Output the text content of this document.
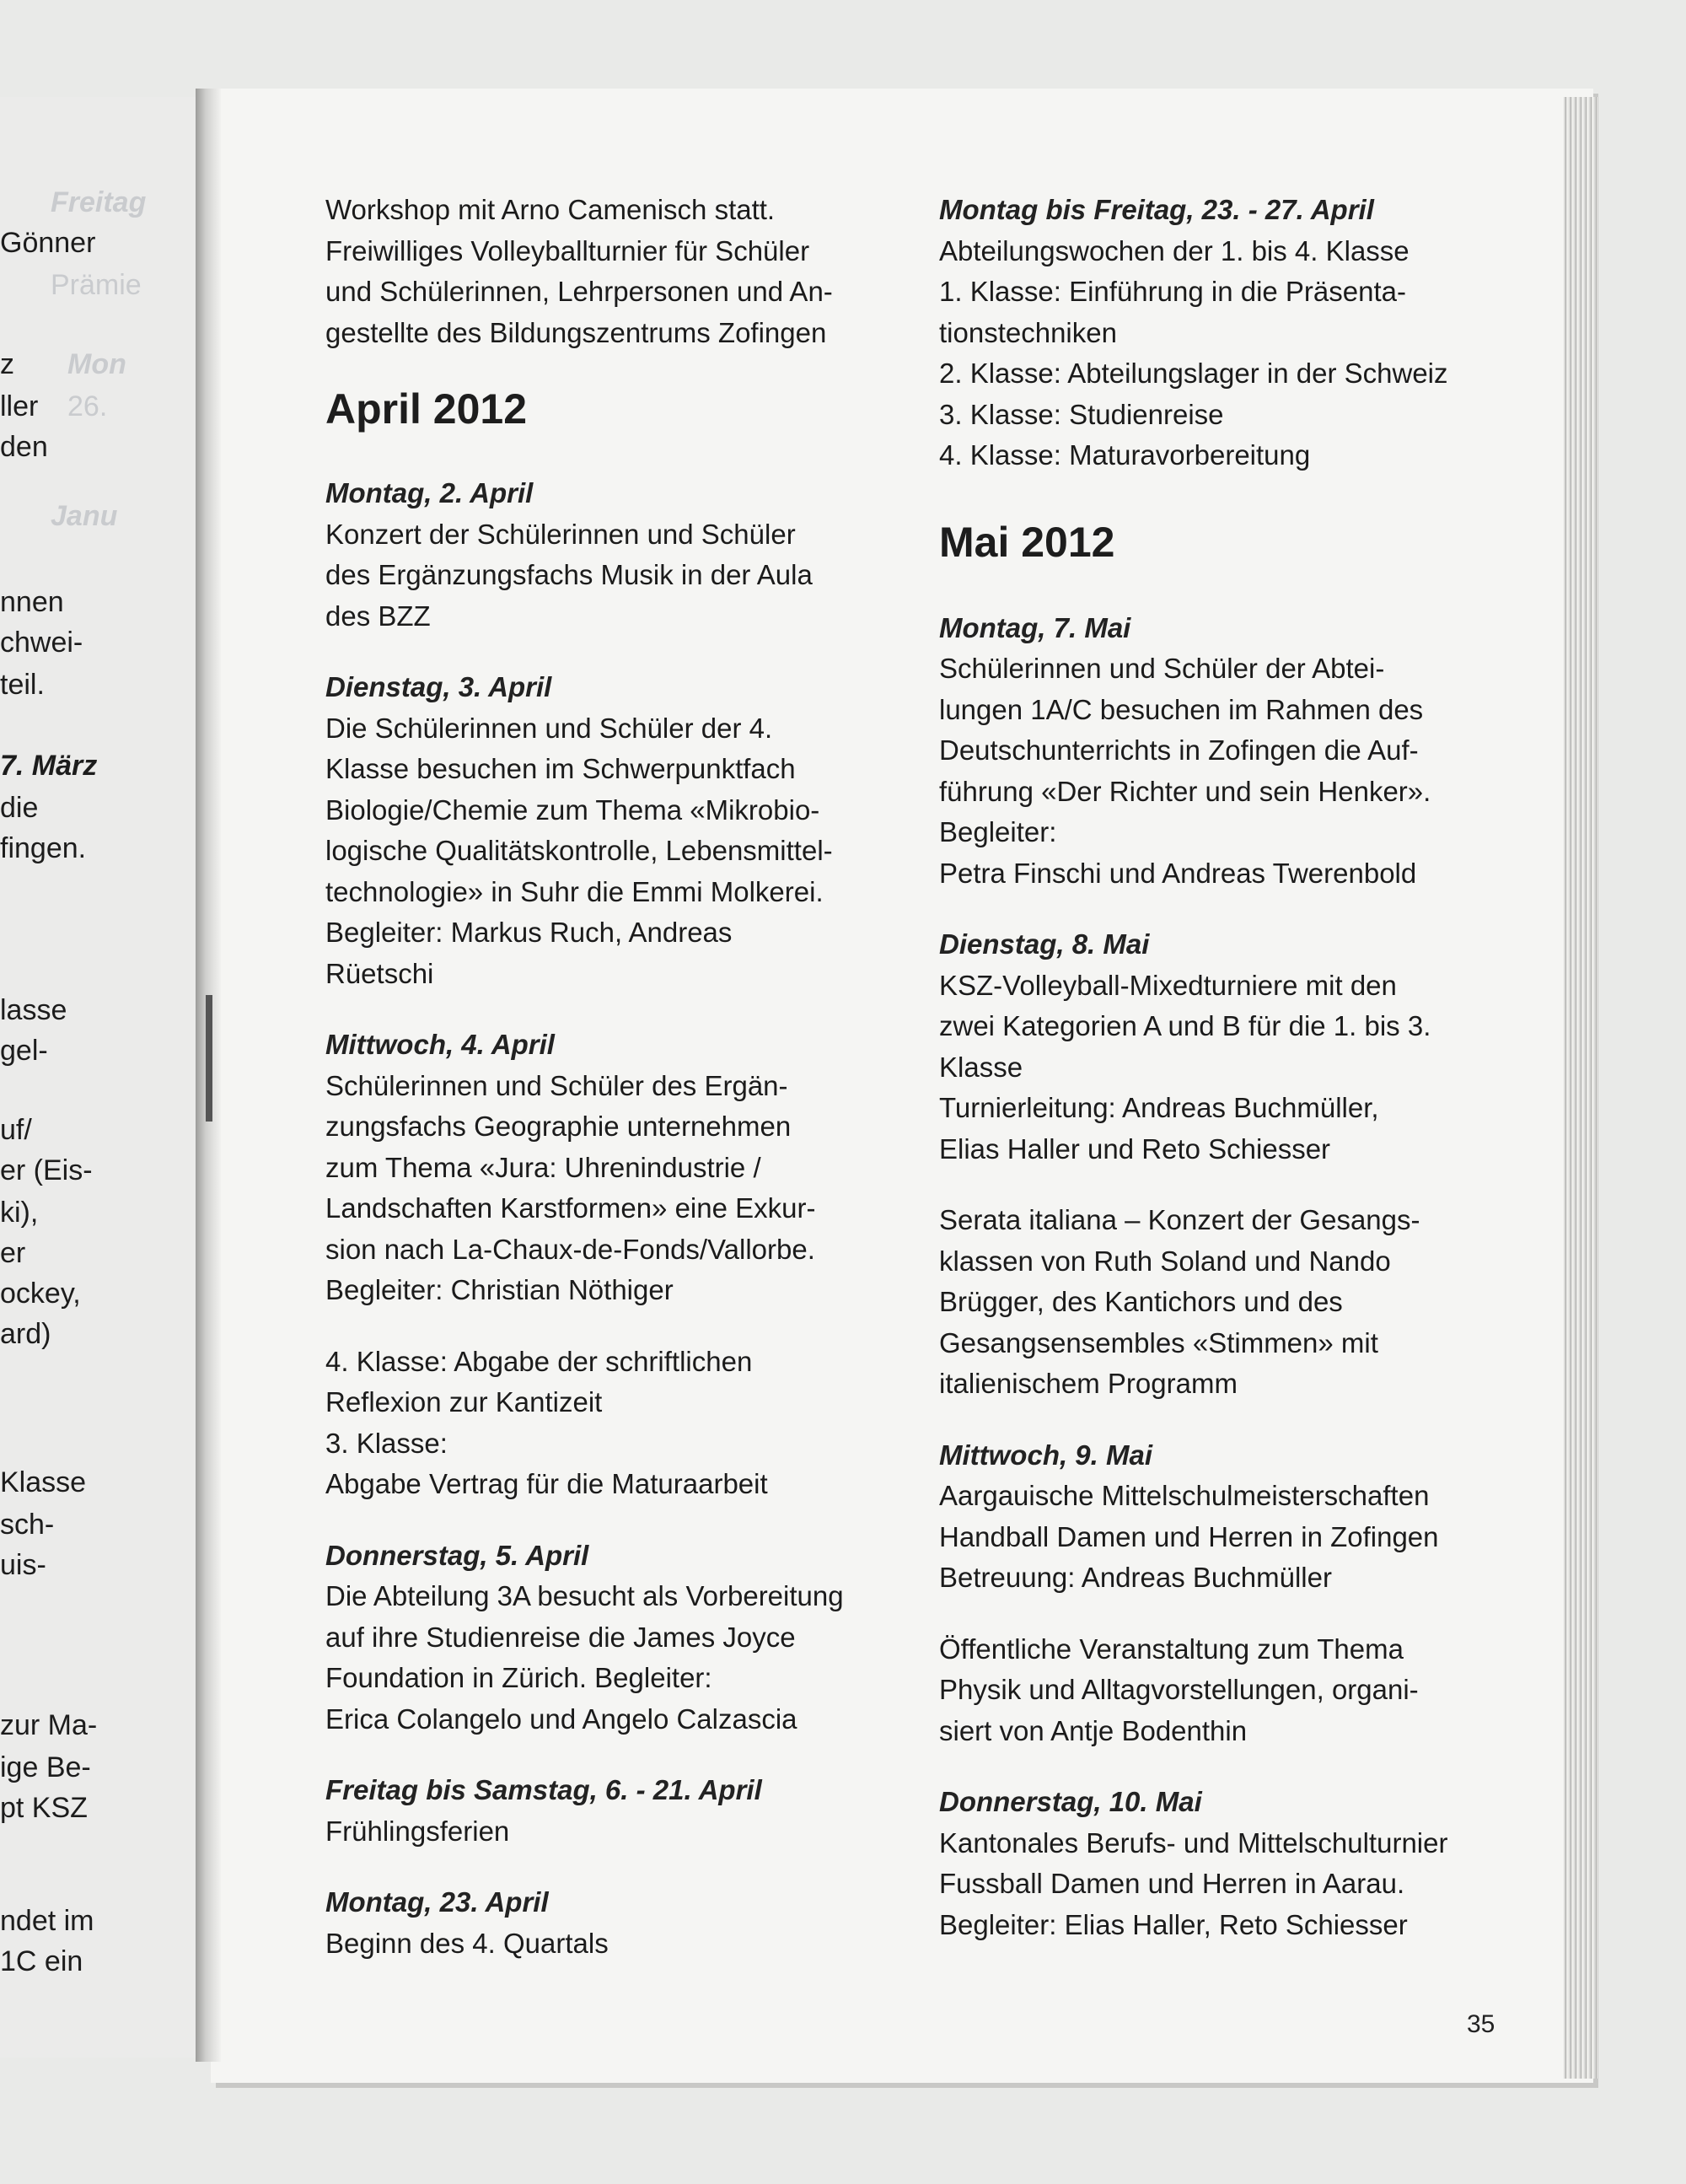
Freitag
Gönner
Prämie
z Mon
ller 26.
den
Janu
nnen
chwei-
teil.
7. März
die
fingen.
lasse
gel-
uf/
er (Eis-
ki),
er
ockey,
ard)
Klasse
sch-
uis-
zur Ma-
ige Be-
pt KSZ
ndet im
1C ein
Workshop mit Arno Camenisch statt.
Freiwilliges Volleyballturnier für Schüler
und Schülerinnen, Lehrpersonen und An-
gestellte des Bildungszentrums Zofingen
April 2012
Montag, 2. April
Konzert der Schülerinnen und Schüler
des Ergänzungsfachs Musik in der Aula
des BZZ
Dienstag, 3. April
Die Schülerinnen und Schüler der 4.
Klasse besuchen im Schwerpunktfach
Biologie/Chemie zum Thema «Mikrobio-
logische Qualitätskontrolle, Lebensmittel-
technologie» in Suhr die Emmi Molkerei.
Begleiter: Markus Ruch, Andreas
Rüetschi
Mittwoch, 4. April
Schülerinnen und Schüler des Ergän-
zungsfachs Geographie unternehmen
zum Thema «Jura: Uhrenindustrie /
Landschaften Karstformen» eine Exkur-
sion nach La-Chaux-de-Fonds/Vallorbe.
Begleiter: Christian Nöthiger
4. Klasse: Abgabe der schriftlichen
Reflexion zur Kantizeit
3. Klasse:
Abgabe Vertrag für die Maturaarbeit
Donnerstag, 5. April
Die Abteilung 3A besucht als Vorbereitung
auf ihre Studienreise die James Joyce
Foundation in Zürich. Begleiter:
Erica Colangelo und Angelo Calzascia
Freitag bis Samstag, 6. - 21. April
Frühlingsferien
Montag, 23. April
Beginn des 4. Quartals
Montag bis Freitag, 23. - 27. April
Abteilungswochen der 1. bis 4. Klasse
1. Klasse: Einführung in die Präsenta-
tionstechniken
2. Klasse: Abteilungslager in der Schweiz
3. Klasse: Studienreise
4. Klasse: Maturavorbereitung
Mai 2012
Montag, 7. Mai
Schülerinnen und Schüler der Abtei-
lungen 1A/C besuchen im Rahmen des
Deutschunterrichts in Zofingen die Auf-
führung «Der Richter und sein Henker».
Begleiter:
Petra Finschi und Andreas Twerenbold
Dienstag, 8. Mai
KSZ-Volleyball-Mixedturniere mit den
zwei Kategorien A und B für die 1. bis 3.
Klasse
Turnierleitung: Andreas Buchmüller,
Elias Haller und Reto Schiesser
Serata italiana – Konzert der Gesangs-
klassen von Ruth Soland und Nando
Brügger, des Kantichors und des
Gesangsensembles «Stimmen» mit
italienischem Programm
Mittwoch, 9. Mai
Aargauische Mittelschulmeisterschaften
Handball Damen und Herren in Zofingen
Betreuung: Andreas Buchmüller
Öffentliche Veranstaltung zum Thema
Physik und Alltagvorstellungen, organi-
siert von Antje Bodenthin
Donnerstag, 10. Mai
Kantonales Berufs- und Mittelschulturnier
Fussball Damen und Herren in Aarau.
Begleiter: Elias Haller, Reto Schiesser
35
